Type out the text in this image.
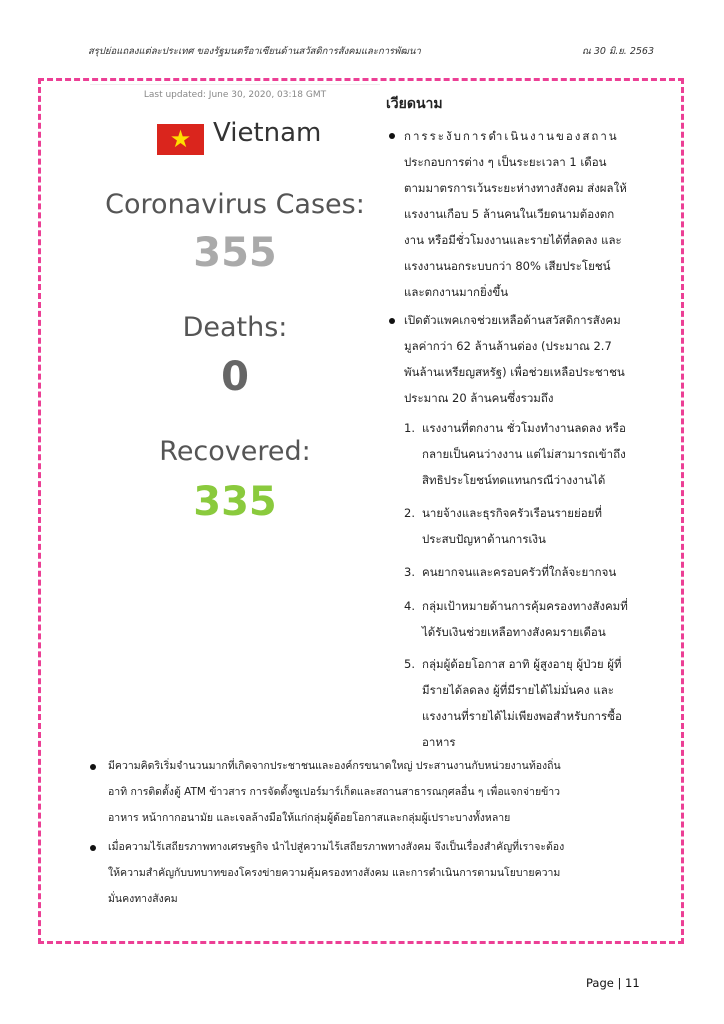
สรุปย่อแถลงแต่ละประเทศ ของรัฐมนตรีอาเซียนด้านสวัสดิการสังคมและการพัฒนา	ณ 30 มิ.ย. 2563
Last updated: June 30, 2020, 03:18 GMT
★ Vietnam
Coronavirus Cases:
355
Deaths:
0
Recovered:
335
เวียดนาม
การระงับการดำเนินงานของสถาน
ประกอบการต่าง ๆ เป็นระยะเวลา 1 เดือน
ตามมาตรการเว้นระยะห่างทางสังคม ส่งผลให้
แรงงานเกือบ 5 ล้านคนในเวียดนามต้องตก
งาน หรือมีชั่วโมงงานและรายได้ที่ลดลง และ
แรงงานนอกระบบกว่า 80% เสียประโยชน์
และตกงานมากยิ่งขึ้น
เปิดตัวแพคเกจช่วยเหลือด้านสวัสดิการสังคม
มูลค่ากว่า 62 ล้านล้านด่อง (ประมาณ 2.7
พันล้านเหรียญสหรัฐ) เพื่อช่วยเหลือประชาชน
ประมาณ 20 ล้านคนซึ่งรวมถึง
1. แรงงานที่ตกงาน ชั่วโมงทำงานลดลง หรือ
กลายเป็นคนว่างงาน แต่ไม่สามารถเข้าถึง
สิทธิประโยชน์ทดแทนกรณีว่างงานได้
2. นายจ้างและธุรกิจครัวเรือนรายย่อยที่
ประสบปัญหาด้านการเงิน
3. คนยากจนและครอบครัวที่ใกล้จะยากจน
4. กลุ่มเป้าหมายด้านการคุ้มครองทางสังคมที่
ได้รับเงินช่วยเหลือทางสังคมรายเดือน
5. กลุ่มผู้ด้อยโอกาส อาทิ ผู้สูงอายุ ผู้ป่วย ผู้ที่
มีรายได้ลดลง ผู้ที่มีรายได้ไม่มั่นคง และ
แรงงานที่รายได้ไม่เพียงพอสำหรับการซื้อ
อาหาร
มีความคิดริเริ่มจำนวนมากที่เกิดจากประชาชนและองค์กรขนาดใหญ่ ประสานงานกับหน่วยงานท้องถิ่น
อาทิ การติดตั้งตู้ ATM ข้าวสาร การจัดตั้งซูเปอร์มาร์เก็ตและสถานสาธารณกุศลอื่น ๆ เพื่อแจกจ่ายข้าว
อาหาร หน้ากากอนามัย และเจลล้างมือให้แก่กลุ่มผู้ด้อยโอกาสและกลุ่มผู้เปราะบางทั้งหลาย
เมื่อความไร้เสถียรภาพทางเศรษฐกิจ นำไปสู่ความไร้เสถียรภาพทางสังคม จึงเป็นเรื่องสำคัญที่เราจะต้อง
ให้ความสำคัญกับบทบาทของโครงข่ายความคุ้มครองทางสังคม และการดำเนินการตามนโยบายความ
มั่นคงทางสังคม
Page | 11
